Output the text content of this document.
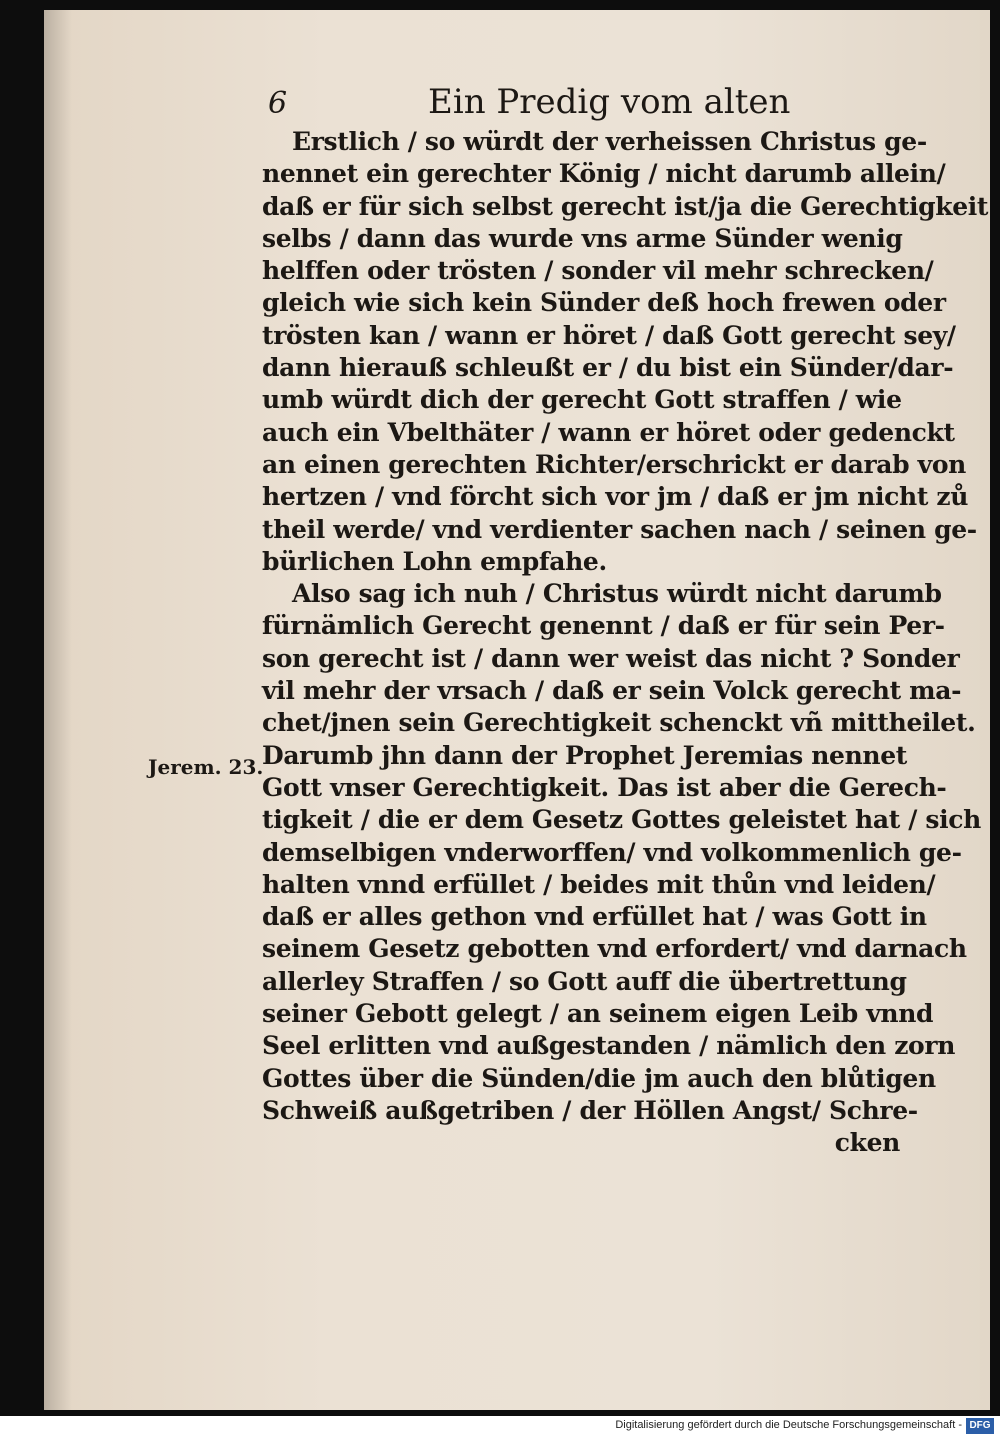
6	Ein Predig vom alten
Jerem. 23.
Erstlich / so würdt der verheissen Christus ge-
nennet ein gerechter König / nicht darumb allein/
daß er für sich selbst gerecht ist/ja die Gerechtigkeit
selbs / dann das wurde vns arme Sünder wenig
helffen oder trösten / sonder vil mehr schrecken/
gleich wie sich kein Sünder deß hoch frewen oder
trösten kan / wann er höret / daß Gott gerecht sey/
dann hierauß schleußt er / du bist ein Sünder/dar-
umb würdt dich der gerecht Gott straffen / wie
auch ein Vbelthäter / wann er höret oder gedenckt
an einen gerechten Richter/erschrickt er darab von
hertzen / vnd förcht sich vor jm / daß er jm nicht zů
theil werde/ vnd verdienter sachen nach / seinen ge-
bürlichen Lohn empfahe.
Also sag ich nuh / Christus würdt nicht darumb
fürnämlich Gerecht genennt / daß er für sein Per-
son gerecht ist / dann wer weist das nicht ? Sonder
vil mehr der vrsach / daß er sein Volck gerecht ma-
chet/jnen sein Gerechtigkeit schenckt vñ mittheilet.
Darumb jhn dann der Prophet Jeremias nennet
Gott vnser Gerechtigkeit. Das ist aber die Gerech-
tigkeit / die er dem Gesetz Gottes geleistet hat / sich
demselbigen vnderworffen/ vnd volkommenlich ge-
halten vnnd erfüllet / beides mit thůn vnd leiden/
daß er alles gethon vnd erfüllet hat / was Gott in
seinem Gesetz gebotten vnd erfordert/ vnd darnach
allerley Straffen / so Gott auff die übertrettung
seiner Gebott gelegt / an seinem eigen Leib vnnd
Seel erlitten vnd außgestanden / nämlich den zorn
Gottes über die Sünden/die jm auch den blůtigen
Schweiß außgetriben / der Höllen Angst/ Schre-
cken
Digitalisierung gefördert durch die Deutsche Forschungsgemeinschaft - DFG
